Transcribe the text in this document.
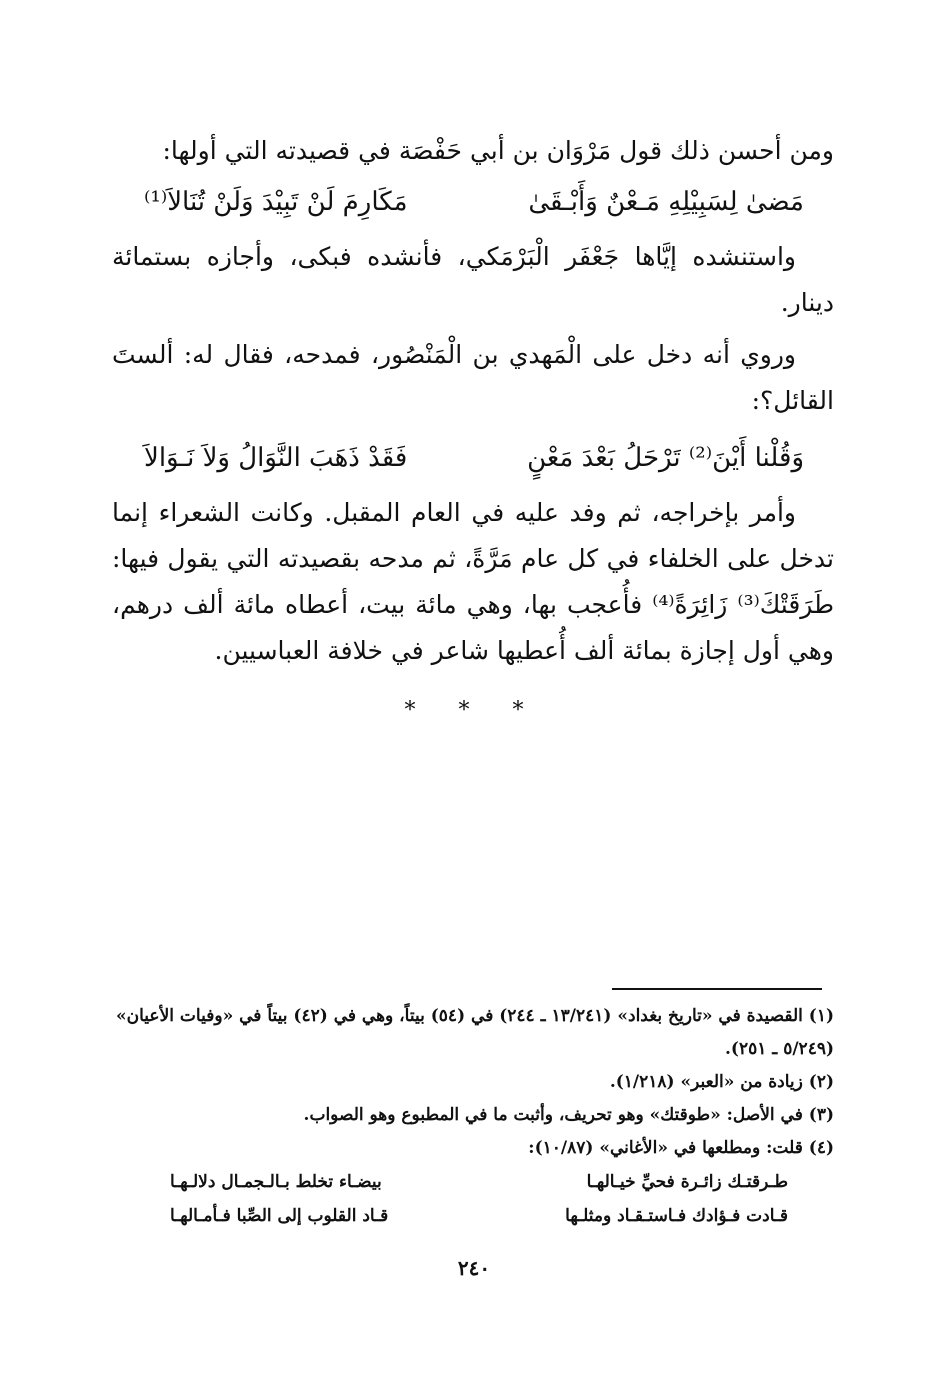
ومن أحسن ذلك قول مَرْوَان بن أبي حَفْصَة في قصيدته التي أولها:

مَضىٰ لِسَبِيْلِهِ مَـعْنٌ وَأَبْـقَىٰ
مَكَارِمَ لَنْ تَبِيْدَ وَلَنْ تُنَالاَ⁽¹⁾

واستنشده إيَّاها جَعْفَر الْبَرْمَكي، فأنشده فبكى، وأجازه بستمائة دينار.

وروي أنه دخل على الْمَهدي بن الْمَنْصُور، فمدحه، فقال له: ألستَ القائل؟:

وَقُلْنا أَيْنَ⁽²⁾ تَرْحَلُ بَعْدَ مَعْنٍ
فَقَدْ ذَهَبَ النَّوَالُ وَلاَ نَـوَالاَ

وأمر بإخراجه، ثم وفد عليه في العام المقبل. وكانت الشعراء إنما تدخل على الخلفاء في كل عام مَرَّةً، ثم مدحه بقصيدته التي يقول فيها: طَرَقَتْكَ⁽³⁾ زَائِرَةً⁽⁴⁾ فأُعجب بها، وهي مائة بيت، أعطاه مائة ألف درهم، وهي أول إجازة بمائة ألف أُعطيها شاعر في خلافة العباسيين.

* * *

(١) القصيدة في «تاريخ بغداد» (١٣/٢٤١ ـ ٢٤٤) في (٥٤) بيتاً، وهي في (٤٢) بيتاً في «وفيات الأعيان» (٥/٢٤٩ ـ ٢٥١).

(٢) زيادة من «العبر» (١/٢١٨).

(٣) في الأصل: «طوقتك» وهو تحريف، وأثبت ما في المطبوع وهو الصواب.

(٤) قلت: ومطلعها في «الأغاني» (١٠/٨٧):

طـرقتـك زائـرة فحيِّ خيـالهـا
بيضـاء تخلط بـالـجمـال دلالـهـا
قـادت فـؤادك فـاستـقـاد ومثلـها
قـاد القلوب إلى الصِّبا فـأمـالهـا
٢٤٠
